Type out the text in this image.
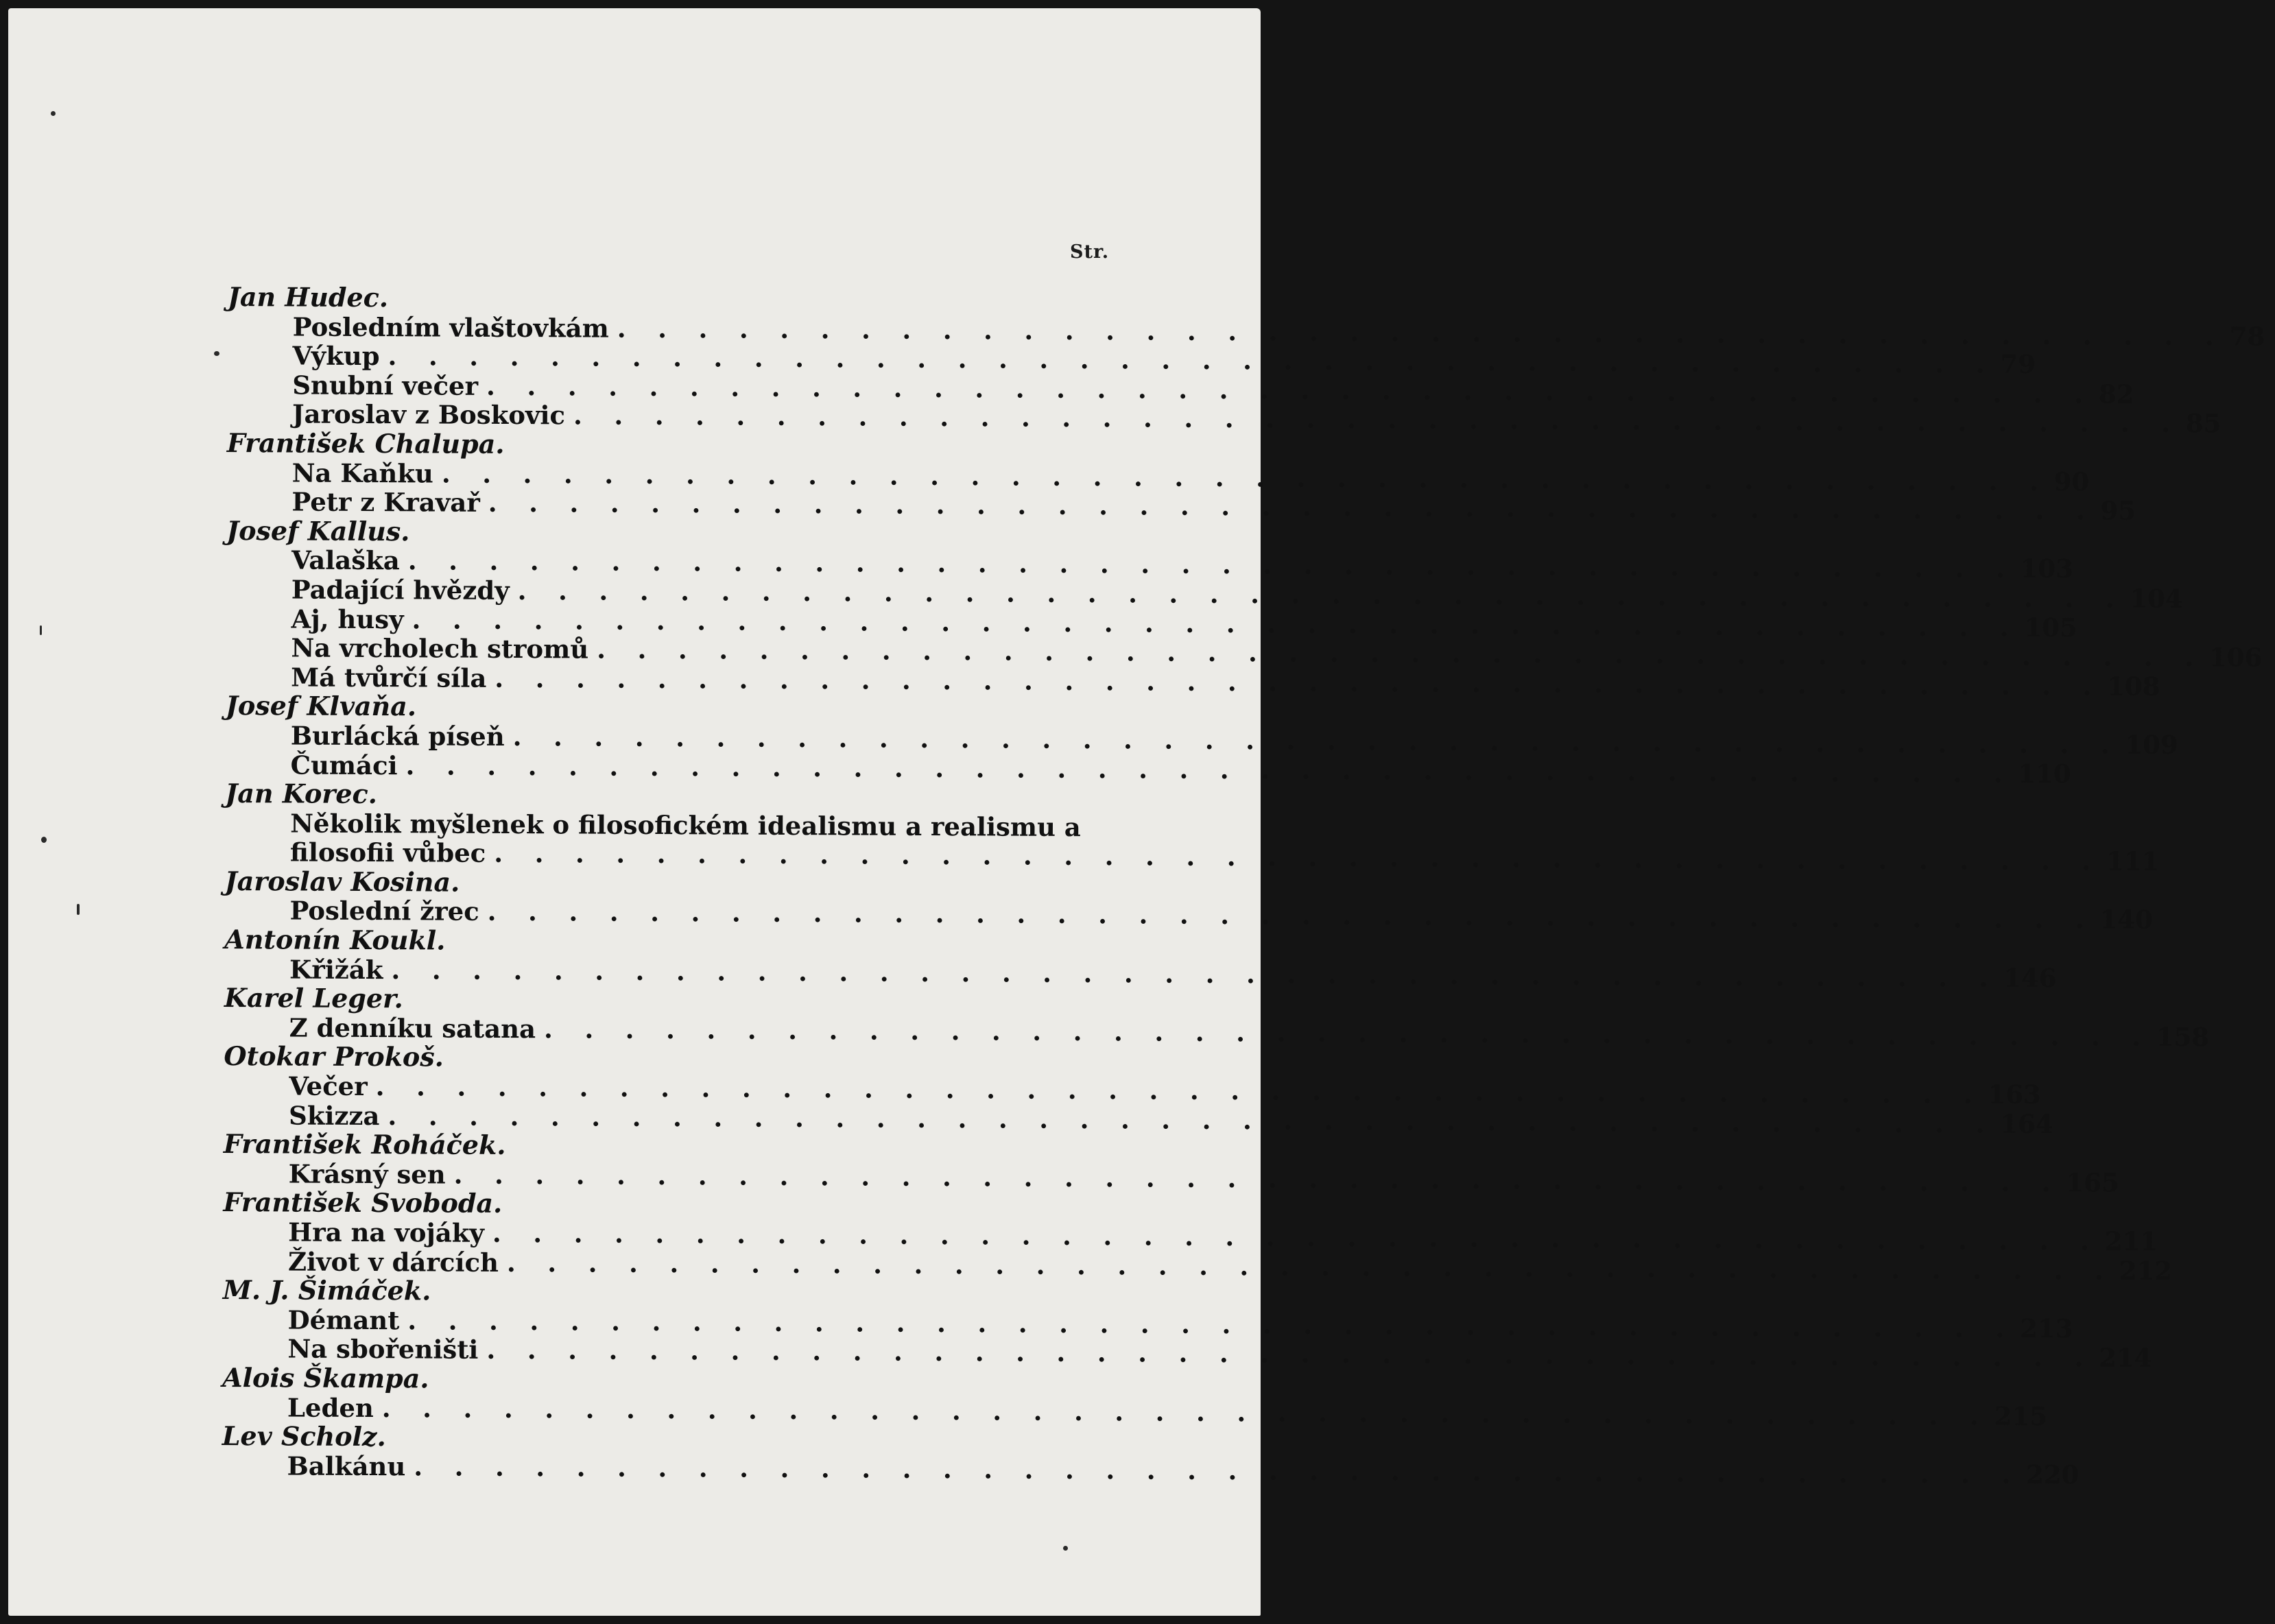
Str.
Jan Hudec.
Posledním vlaštovkám . . . . . . . . . . . . . . . . . . . . . . . . . . . . . . . . . . . . . . . . 78
Výkup . . . . . . . . . . . . . . . . . . . . . . . . . . . . . . . . . . . . . . . . 79
Snubní večer . . . . . . . . . . . . . . . . . . . . . . . . . . . . . . . . . . . . . . . . 82
Jaroslav z Boskovic . . . . . . . . . . . . . . . . . . . . . . . . . . . . . . . . . . . . . . . . 85
František Chalupa.
Na Kaňku . . . . . . . . . . . . . . . . . . . . . . . . . . . . . . . . . . . . . . . . 90
Petr z Kravař . . . . . . . . . . . . . . . . . . . . . . . . . . . . . . . . . . . . . . . . 95
Josef Kallus.
Valaška . . . . . . . . . . . . . . . . . . . . . . . . . . . . . . . . . . . . . . . . 103
Padající hvězdy . . . . . . . . . . . . . . . . . . . . . . . . . . . . . . . . . . . . . . . . 104
Aj, husy . . . . . . . . . . . . . . . . . . . . . . . . . . . . . . . . . . . . . . . . 105
Na vrcholech stromů . . . . . . . . . . . . . . . . . . . . . . . . . . . . . . . . . . . . . . . . 106
Má tvůrčí síla . . . . . . . . . . . . . . . . . . . . . . . . . . . . . . . . . . . . . . . . 108
Josef Klvaňa.
Burlácká píseň . . . . . . . . . . . . . . . . . . . . . . . . . . . . . . . . . . . . . . . . 109
Čumáci . . . . . . . . . . . . . . . . . . . . . . . . . . . . . . . . . . . . . . . . 110
Jan Korec.
Několik myšlenek o filosofickém idealismu a realismu a
filosofii vůbec . . . . . . . . . . . . . . . . . . . . . . . . . . . . . . . . . . . . . . . . 111
Jaroslav Kosina.
Poslední žrec . . . . . . . . . . . . . . . . . . . . . . . . . . . . . . . . . . . . . . . . 140
Antonín Koukl.
Křižák . . . . . . . . . . . . . . . . . . . . . . . . . . . . . . . . . . . . . . . . 146
Karel Leger.
Z denníku satana . . . . . . . . . . . . . . . . . . . . . . . . . . . . . . . . . . . . . . . . 158
Otokar Prokoš.
Večer . . . . . . . . . . . . . . . . . . . . . . . . . . . . . . . . . . . . . . . . 163
Skizza . . . . . . . . . . . . . . . . . . . . . . . . . . . . . . . . . . . . . . . . 164
František Roháček.
Krásný sen . . . . . . . . . . . . . . . . . . . . . . . . . . . . . . . . . . . . . . . . 165
František Svoboda.
Hra na vojáky . . . . . . . . . . . . . . . . . . . . . . . . . . . . . . . . . . . . . . . . 211
Život v dárcích . . . . . . . . . . . . . . . . . . . . . . . . . . . . . . . . . . . . . . . . 212
M. J. Šimáček.
Démant . . . . . . . . . . . . . . . . . . . . . . . . . . . . . . . . . . . . . . . . 213
Na sbořeništi . . . . . . . . . . . . . . . . . . . . . . . . . . . . . . . . . . . . . . . . 214
Alois Škampa.
Leden . . . . . . . . . . . . . . . . . . . . . . . . . . . . . . . . . . . . . . . . 215
Lev Scholz.
Balkánu . . . . . . . . . . . . . . . . . . . . . . . . . . . . . . . . . . . . . . . . 220
